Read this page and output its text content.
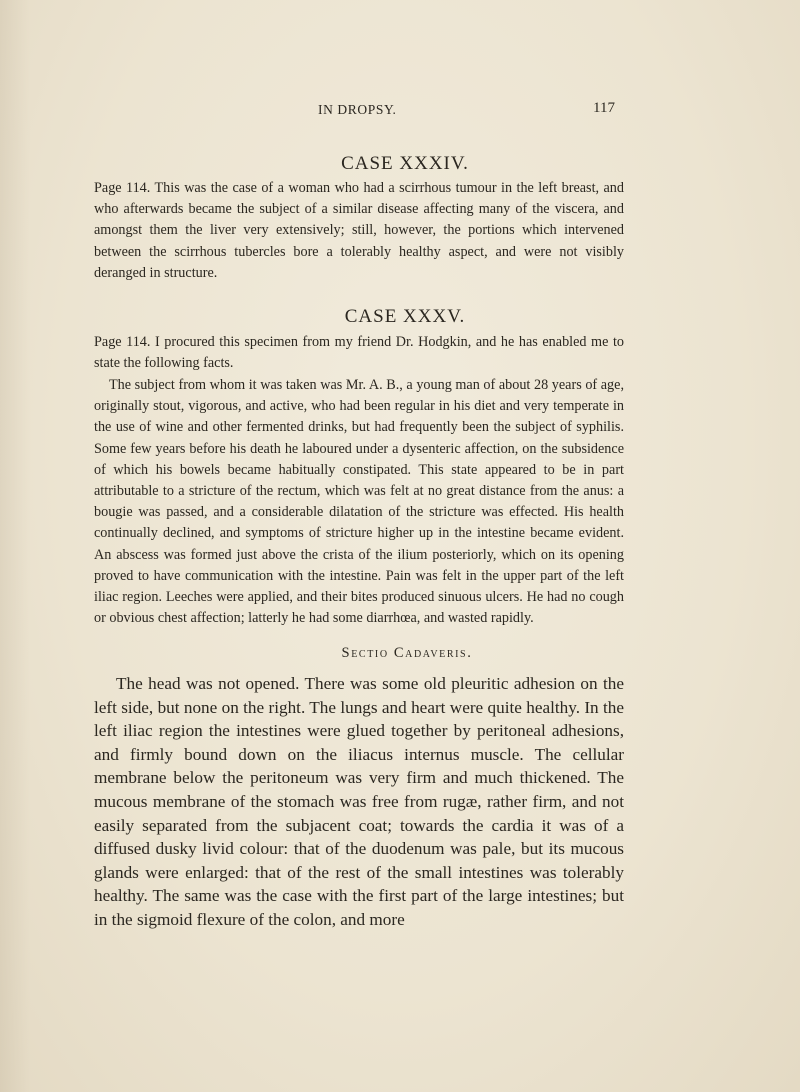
IN DROPSY.	117
CASE XXXIV.

Page 114. This was the case of a woman who had a scirrhous tumour in the left breast, and who afterwards became the subject of a similar disease affecting many of the viscera, and amongst them the liver very extensively; still, however, the portions which intervened between the scirrhous tubercles bore a tolerably healthy aspect, and were not visibly deranged in structure.

CASE XXXV.

Page 114. I procured this specimen from my friend Dr. Hodgkin, and he has enabled me to state the following facts.

The subject from whom it was taken was Mr. A. B., a young man of about 28 years of age, originally stout, vigorous, and active, who had been regular in his diet and very temperate in the use of wine and other fermented drinks, but had frequently been the subject of syphilis. Some few years before his death he laboured under a dysenteric affection, on the subsidence of which his bowels became habitually constipated. This state appeared to be in part attributable to a stricture of the rectum, which was felt at no great distance from the anus: a bougie was passed, and a considerable dilatation of the stricture was effected. His health continually declined, and symptoms of stricture higher up in the intestine became evident. An abscess was formed just above the crista of the ilium posteriorly, which on its opening proved to have communication with the intestine. Pain was felt in the upper part of the left iliac region. Leeches were applied, and their bites produced sinuous ulcers. He had no cough or obvious chest affection; latterly he had some diarrhœa, and wasted rapidly.

Sectio Cadaveris.

The head was not opened. There was some old pleuritic adhesion on the left side, but none on the right. The lungs and heart were quite healthy. In the left iliac region the intestines were glued together by peritoneal adhesions, and firmly bound down on the iliacus internus muscle. The cellular membrane below the peritoneum was very firm and much thickened. The mucous membrane of the stomach was free from rugæ, rather firm, and not easily separated from the subjacent coat; towards the cardia it was of a diffused dusky livid colour: that of the duodenum was pale, but its mucous glands were enlarged: that of the rest of the small intestines was tolerably healthy. The same was the case with the first part of the large intestines; but in the sigmoid flexure of the colon, and more
